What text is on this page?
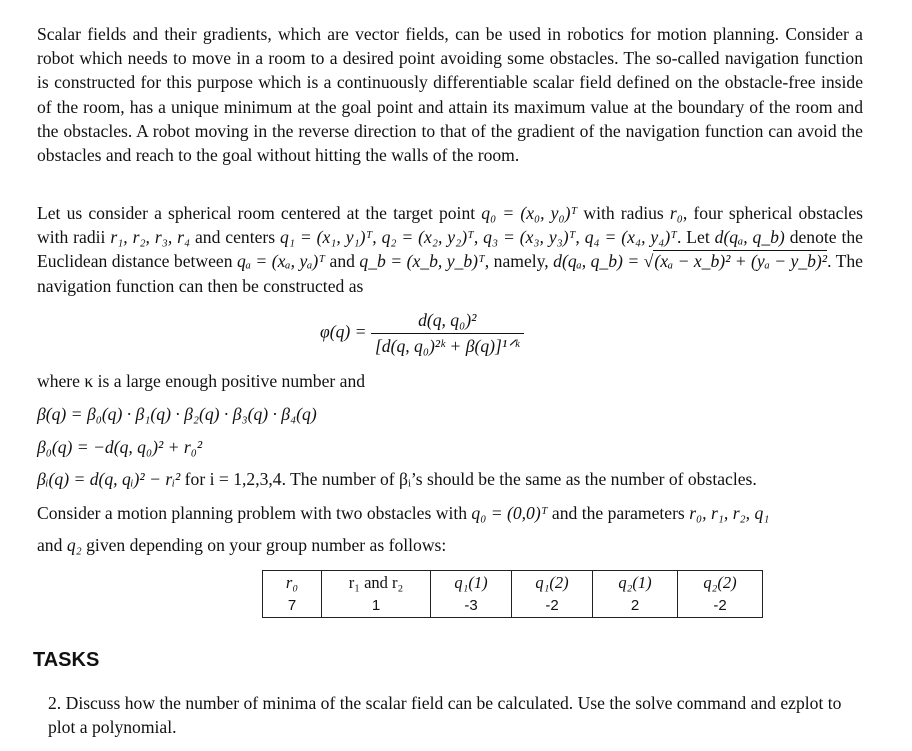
Scalar fields and their gradients, which are vector fields, can be used in robotics for motion planning. Consider a robot which needs to move in a room to a desired point avoiding some obstacles. The so-called navigation function is constructed for this purpose which is a continuously differentiable scalar field defined on the obstacle-free inside of the room, has a unique minimum at the goal point and attain its maximum value at the boundary of the room and the obstacles. A robot moving in the reverse direction to that of the gradient of the navigation function can avoid the obstacles and reach to the goal without hitting the walls of the room.

Let us consider a spherical room centered at the target point q₀ = (x₀, y₀)ᵀ with radius r₀, four spherical obstacles with radii r₁, r₂, r₃, r₄ and centers q₁ = (x₁, y₁)ᵀ, q₂ = (x₂, y₂)ᵀ, q₃ = (x₃, y₃)ᵀ, q₄ = (x₄, y₄)ᵀ. Let d(qₐ, q_b) denote the Euclidean distance between qₐ = (xₐ, yₐ)ᵀ and q_b = (x_b, y_b)ᵀ, namely, d(qₐ, q_b) = √(xₐ − x_b)² + (yₐ − y_b)². The navigation function can then be constructed as

$\varphi(q) = \frac{\text{d(q, q₀)²}}{\text{[d(q, q₀)²ᵏ + β(q)]¹ᐟᵏ}}$

where κ is a large enough positive number and

β(q) = β₀(q) · β₁(q) · β₂(q) · β₃(q) · β₄(q)

β₀(q) = −d(q, q₀)² + r₀²

βᵢ(q) = d(q, qᵢ)² − rᵢ² for i = 1,2,3,4. The number of βᵢ’s should be the same as the number of obstacles.

Consider a motion planning problem with two obstacles with q₀ = (0,0)ᵀ and the parameters r₀, r₁, r₂, q₁

and q₂ given depending on your group number as follows:

r₀	r₁ and r₂	q₁(1)	q₁(2)	q₂(1)	q₂(2)
7	1	-3	-2	2	-2
TASKS

2. Discuss how the number of minima of the scalar field can be calculated. Use the solve command and ezplot to plot a polynomial.
